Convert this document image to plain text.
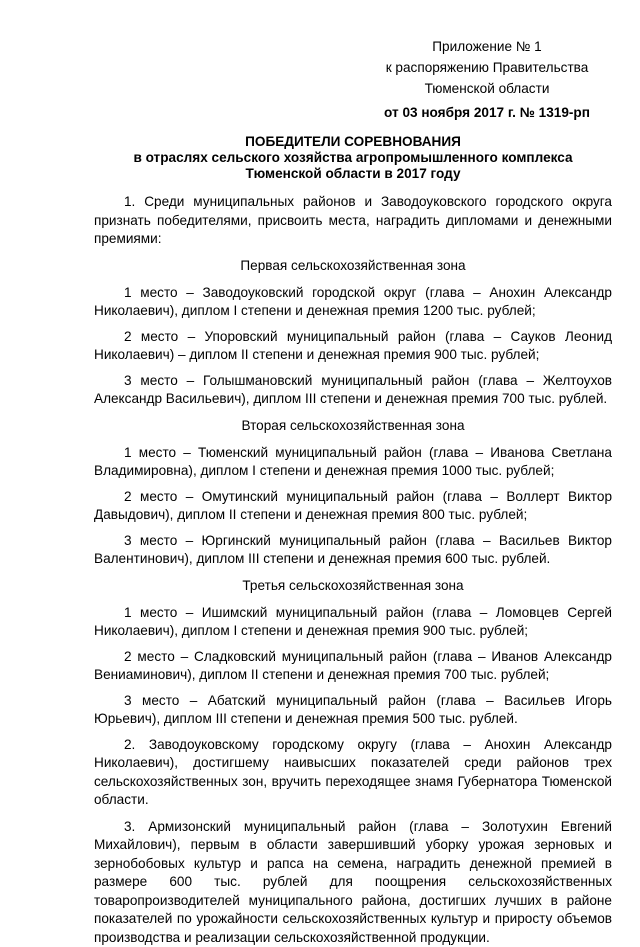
Приложение № 1
к распоряжению Правительства
Тюменской области
от 03 ноября 2017 г. № 1319-рп
ПОБЕДИТЕЛИ СОРЕВНОВАНИЯ
в отраслях сельского хозяйства агропромышленного комплекса
Тюменской области в 2017 году

1. Среди муниципальных районов и Заводоуковского городского округа признать победителями, присвоить места, наградить дипломами и денежными премиями:

Первая сельскохозяйственная зона

1 место – Заводоуковский городской округ (глава – Анохин Александр Николаевич), диплом I степени и денежная премия 1200 тыс. рублей;

2 место – Упоровский муниципальный район (глава – Сауков Леонид Николаевич) – диплом II степени и денежная премия 900 тыс. рублей;

3 место – Голышмановский муниципальный район (глава – Желтоухов Александр Васильевич), диплом III степени и денежная премия 700 тыс. рублей.

Вторая сельскохозяйственная зона

1 место – Тюменский муниципальный район (глава – Иванова Светлана Владимировна), диплом I степени и денежная премия 1000 тыс. рублей;

2 место – Омутинский муниципальный район (глава – Воллерт Виктор Давыдович), диплом II степени и денежная премия 800 тыс. рублей;

3 место – Юргинский муниципальный район (глава – Васильев Виктор Валентинович), диплом III степени и денежная премия 600 тыс. рублей.

Третья сельскохозяйственная зона

1 место – Ишимский муниципальный район (глава – Ломовцев Сергей Николаевич), диплом I степени и денежная премия 900 тыс. рублей;

2 место – Сладковский муниципальный район (глава – Иванов Александр Вениаминович), диплом II степени и денежная премия 700 тыс. рублей;

3 место – Абатский муниципальный район (глава – Васильев Игорь Юрьевич), диплом III степени и денежная премия 500 тыс. рублей.

2. Заводоуковскому городскому округу (глава – Анохин Александр Николаевич), достигшему наивысших показателей среди районов трех сельскохозяйственных зон, вручить переходящее знамя Губернатора Тюменской области.

3. Армизонский муниципальный район (глава – Золотухин Евгений Михайлович), первым в области завершивший уборку урожая зерновых и зернобобовых культур и рапса на семена, наградить денежной премией в размере 600 тыс. рублей для поощрения сельскохозяйственных товаропроизводителей муниципального района, достигших лучших в районе показателей по урожайности сельскохозяйственных культур и приросту объемов производства и реализации сельскохозяйственной продукции.
